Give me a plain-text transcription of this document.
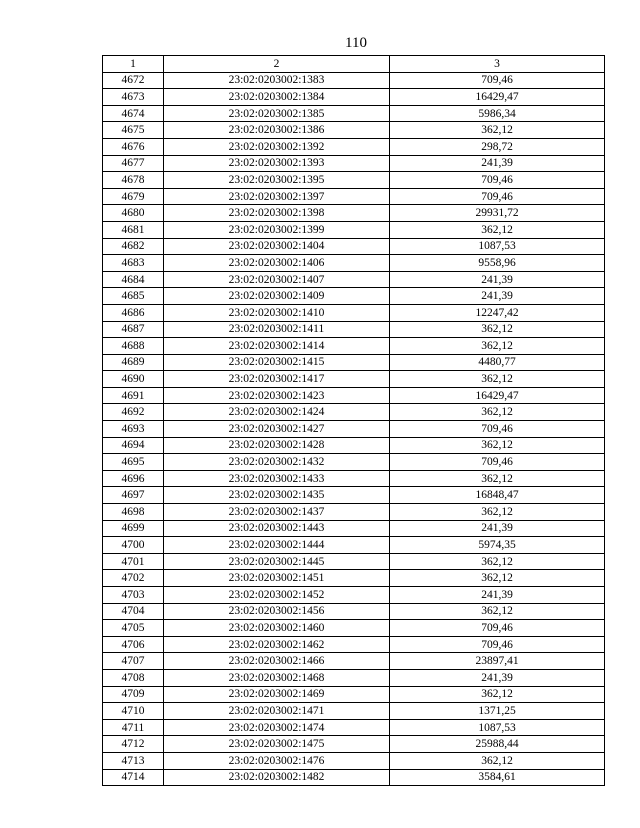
110
1	2	3
4672	23:02:0203002:1383	709,46
4673	23:02:0203002:1384	16429,47
4674	23:02:0203002:1385	5986,34
4675	23:02:0203002:1386	362,12
4676	23:02:0203002:1392	298,72
4677	23:02:0203002:1393	241,39
4678	23:02:0203002:1395	709,46
4679	23:02:0203002:1397	709,46
4680	23:02:0203002:1398	29931,72
4681	23:02:0203002:1399	362,12
4682	23:02:0203002:1404	1087,53
4683	23:02:0203002:1406	9558,96
4684	23:02:0203002:1407	241,39
4685	23:02:0203002:1409	241,39
4686	23:02:0203002:1410	12247,42
4687	23:02:0203002:1411	362,12
4688	23:02:0203002:1414	362,12
4689	23:02:0203002:1415	4480,77
4690	23:02:0203002:1417	362,12
4691	23:02:0203002:1423	16429,47
4692	23:02:0203002:1424	362,12
4693	23:02:0203002:1427	709,46
4694	23:02:0203002:1428	362,12
4695	23:02:0203002:1432	709,46
4696	23:02:0203002:1433	362,12
4697	23:02:0203002:1435	16848,47
4698	23:02:0203002:1437	362,12
4699	23:02:0203002:1443	241,39
4700	23:02:0203002:1444	5974,35
4701	23:02:0203002:1445	362,12
4702	23:02:0203002:1451	362,12
4703	23:02:0203002:1452	241,39
4704	23:02:0203002:1456	362,12
4705	23:02:0203002:1460	709,46
4706	23:02:0203002:1462	709,46
4707	23:02:0203002:1466	23897,41
4708	23:02:0203002:1468	241,39
4709	23:02:0203002:1469	362,12
4710	23:02:0203002:1471	1371,25
4711	23:02:0203002:1474	1087,53
4712	23:02:0203002:1475	25988,44
4713	23:02:0203002:1476	362,12
4714	23:02:0203002:1482	3584,61
